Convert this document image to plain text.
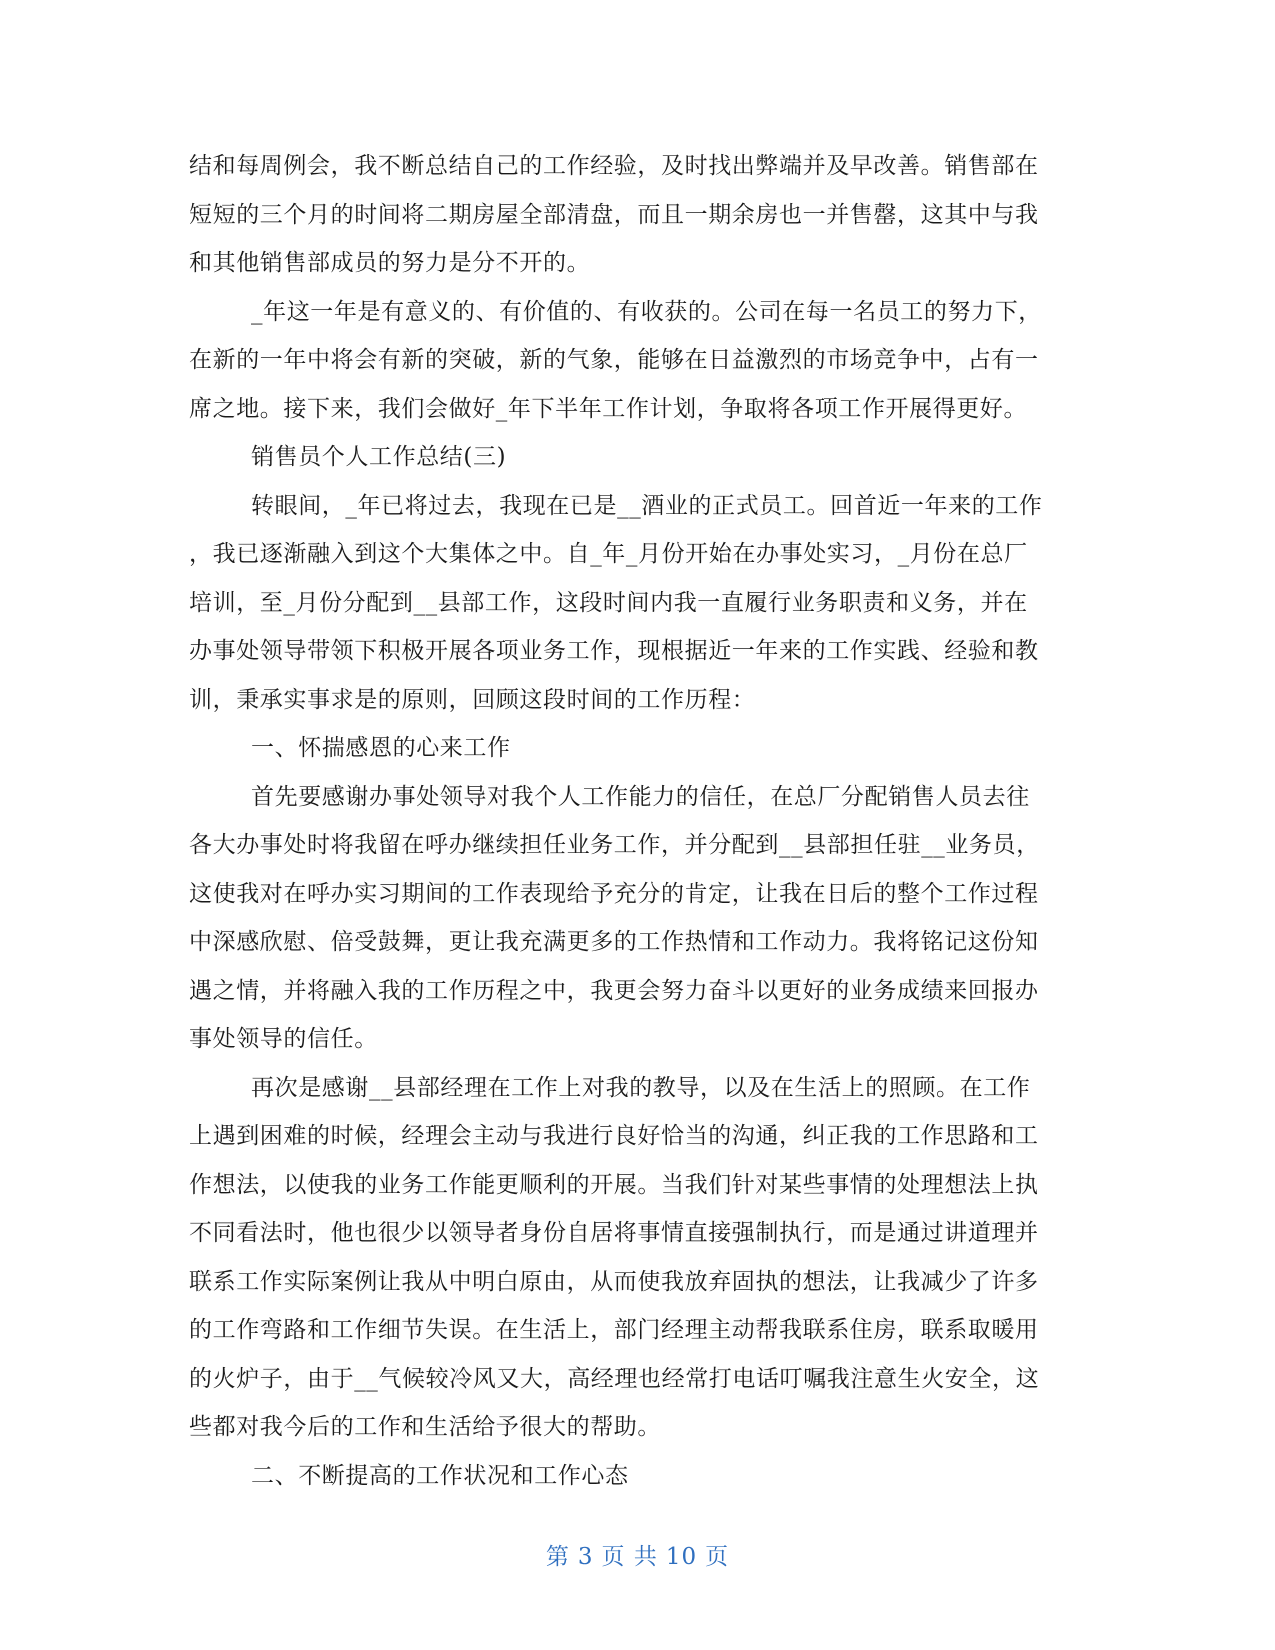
结和每周例会，我不断总结自己的工作经验，及时找出弊端并及早改善。销售部在
短短的三个月的时间将二期房屋全部清盘，而且一期余房也一并售罄，这其中与我
和其他销售部成员的努力是分不开的。
_年这一年是有意义的、有价值的、有收获的。公司在每一名员工的努力下，
在新的一年中将会有新的突破，新的气象，能够在日益激烈的市场竞争中，占有一
席之地。接下来，我们会做好_年下半年工作计划，争取将各项工作开展得更好。
销售员个人工作总结(三)
转眼间，_年已将过去，我现在已是__酒业的正式员工。回首近一年来的工作
，我已逐渐融入到这个大集体之中。自_年_月份开始在办事处实习，_月份在总厂
培训，至_月份分配到__县部工作，这段时间内我一直履行业务职责和义务，并在
办事处领导带领下积极开展各项业务工作，现根据近一年来的工作实践、经验和教
训，秉承实事求是的原则，回顾这段时间的工作历程：
一、怀揣感恩的心来工作
首先要感谢办事处领导对我个人工作能力的信任，在总厂分配销售人员去往
各大办事处时将我留在呼办继续担任业务工作，并分配到__县部担任驻__业务员，
这使我对在呼办实习期间的工作表现给予充分的肯定，让我在日后的整个工作过程
中深感欣慰、倍受鼓舞，更让我充满更多的工作热情和工作动力。我将铭记这份知
遇之情，并将融入我的工作历程之中，我更会努力奋斗以更好的业务成绩来回报办
事处领导的信任。
再次是感谢__县部经理在工作上对我的教导，以及在生活上的照顾。在工作
上遇到困难的时候，经理会主动与我进行良好恰当的沟通，纠正我的工作思路和工
作想法，以使我的业务工作能更顺利的开展。当我们针对某些事情的处理想法上执
不同看法时，他也很少以领导者身份自居将事情直接强制执行，而是通过讲道理并
联系工作实际案例让我从中明白原由，从而使我放弃固执的想法，让我减少了许多
的工作弯路和工作细节失误。在生活上，部门经理主动帮我联系住房，联系取暖用
的火炉子，由于__气候较冷风又大，高经理也经常打电话叮嘱我注意生火安全，这
些都对我今后的工作和生活给予很大的帮助。
二、不断提高的工作状况和工作心态
第 3 页 共 10 页
